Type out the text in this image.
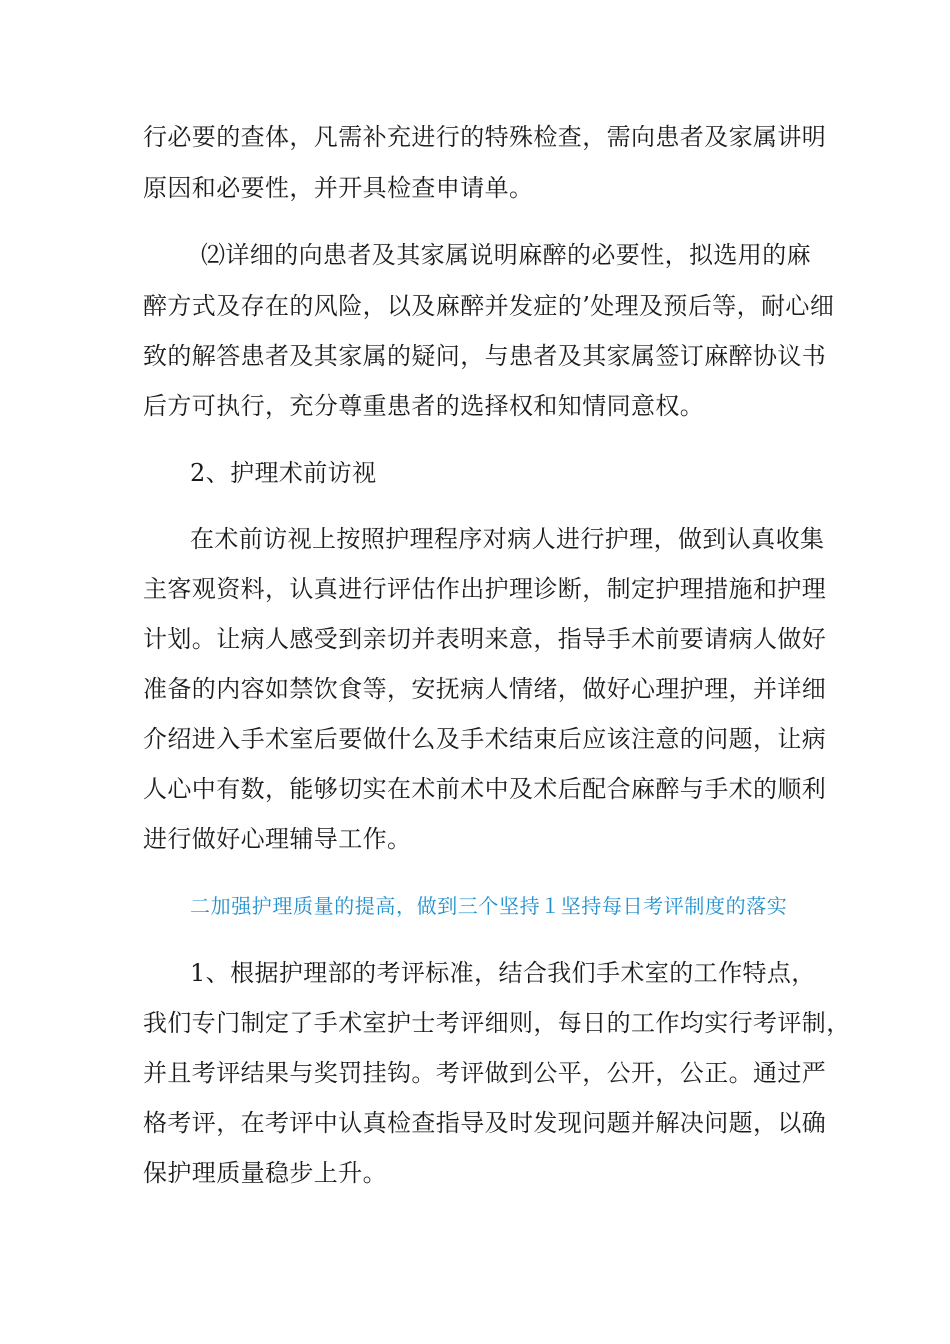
行必要的查体，凡需补充进行的特殊检查，需向患者及家属讲明
原因和必要性，并开具检查申请单。
⑵详细的向患者及其家属说明麻醉的必要性，拟选用的麻
醉方式及存在的风险，以及麻醉并发症的’处理及预后等，耐心细
致的解答患者及其家属的疑问，与患者及其家属签订麻醉协议书
后方可执行，充分尊重患者的选择权和知情同意权。
2、护理术前访视
在术前访视上按照护理程序对病人进行护理，做到认真收集
主客观资料，认真进行评估作出护理诊断，制定护理措施和护理
计划。让病人感受到亲切并表明来意，指导手术前要请病人做好
准备的内容如禁饮食等，安抚病人情绪，做好心理护理，并详细
介绍进入手术室后要做什么及手术结束后应该注意的问题，让病
人心中有数，能够切实在术前术中及术后配合麻醉与手术的顺利
进行做好心理辅导工作。
二加强护理质量的提高，做到三个坚持１坚持每日考评制度的落实
1、根据护理部的考评标准，结合我们手术室的工作特点，
我们专门制定了手术室护士考评细则，每日的工作均实行考评制，
并且考评结果与奖罚挂钩。考评做到公平，公开，公正。通过严
格考评，在考评中认真检查指导及时发现问题并解决问题，以确
保护理质量稳步上升。
